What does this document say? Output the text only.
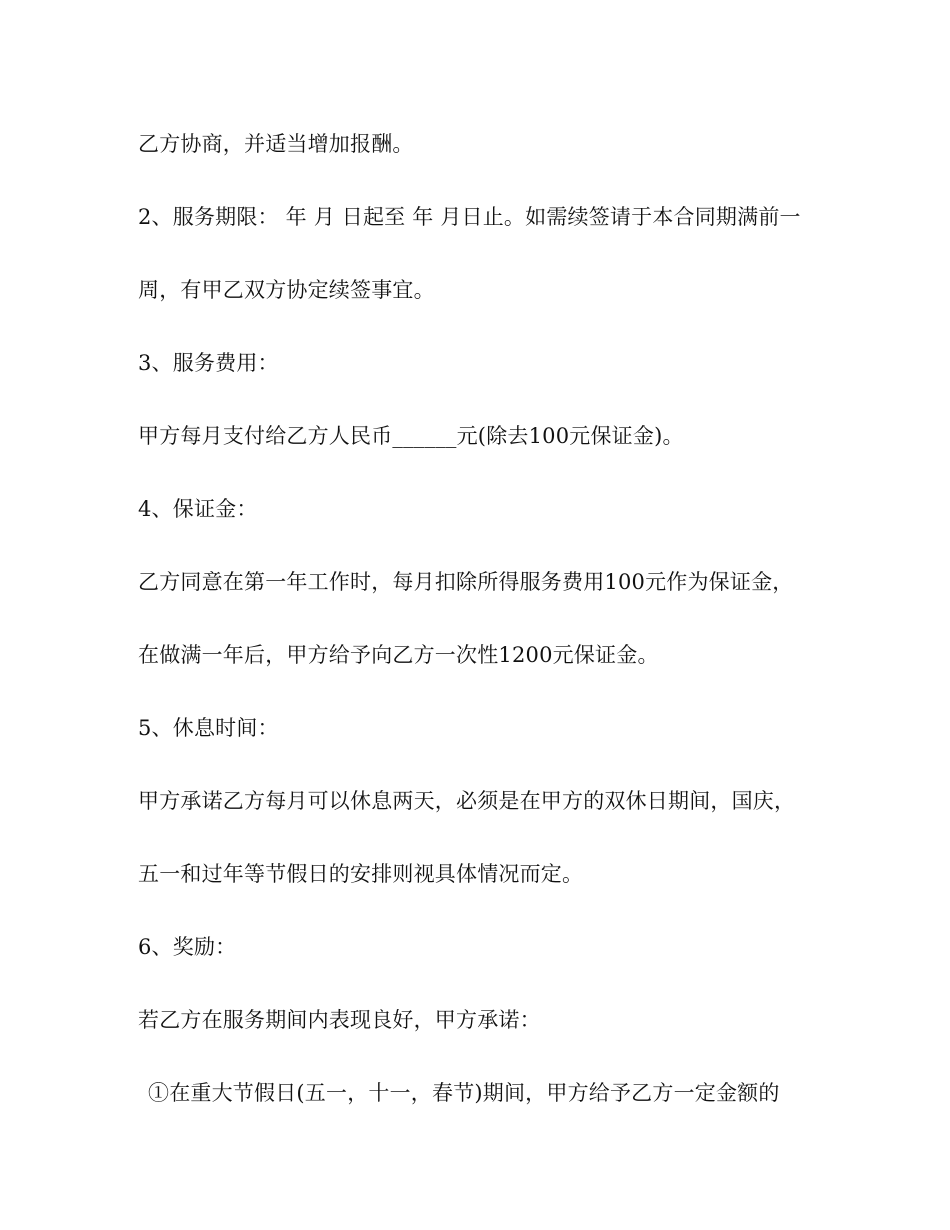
乙方协商，并适当增加报酬。
2、服务期限： 年 月 日起至 年 月日止。如需续签请于本合同期满前一
周，有甲乙双方协定续签事宜。
3、服务费用：
甲方每月支付给乙方人民币______元(除去100元保证金)。
4、保证金：
乙方同意在第一年工作时，每月扣除所得服务费用100元作为保证金，
在做满一年后，甲方给予向乙方一次性1200元保证金。
5、休息时间：
甲方承诺乙方每月可以休息两天，必须是在甲方的双休日期间，国庆，
五一和过年等节假日的安排则视具体情况而定。
6、奖励：
若乙方在服务期间内表现良好，甲方承诺：
①在重大节假日(五一，十一，春节)期间，甲方给予乙方一定金额的
